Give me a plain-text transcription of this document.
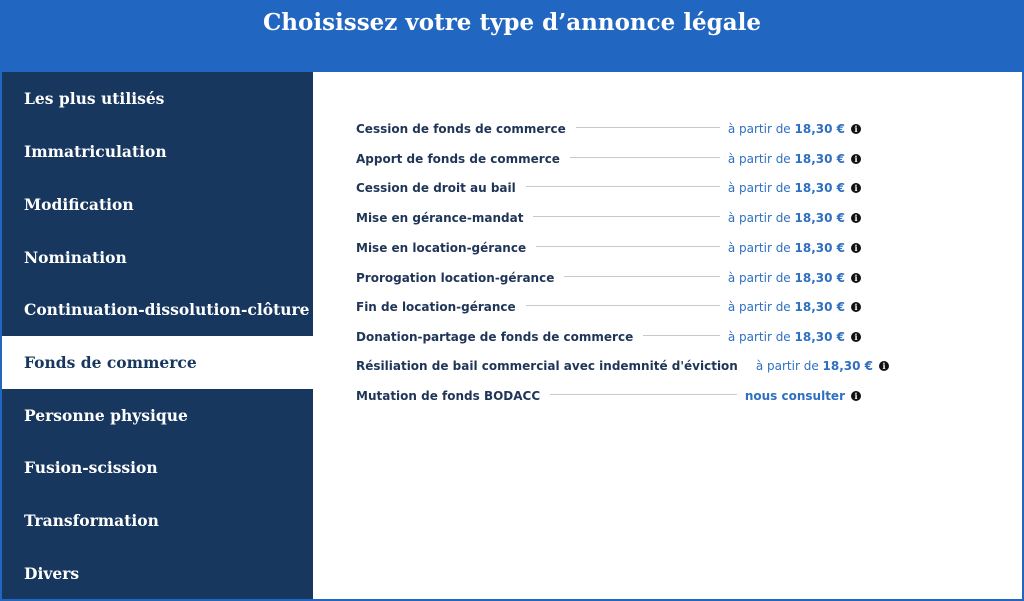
Choisissez votre type d’annonce légale
Les plus utilisés
Immatriculation
Modification
Nomination
Continuation-dissolution-clôture
Fonds de commerce
Personne physique
Fusion-scission
Transformation
Divers
Cession de fonds de commerce	à partir de 18,30 €	i
Apport de fonds de commerce	à partir de 18,30 €	i
Cession de droit au bail	à partir de 18,30 €	i
Mise en gérance-mandat	à partir de 18,30 €	i
Mise en location-gérance	à partir de 18,30 €	i
Prorogation location-gérance	à partir de 18,30 €	i
Fin de location-gérance	à partir de 18,30 €	i
Donation-partage de fonds de commerce	à partir de 18,30 €	i
Résiliation de bail commercial avec indemnité d'éviction à partir de 18,30 €	i
Mutation de fonds BODACC	nous consulter	i
